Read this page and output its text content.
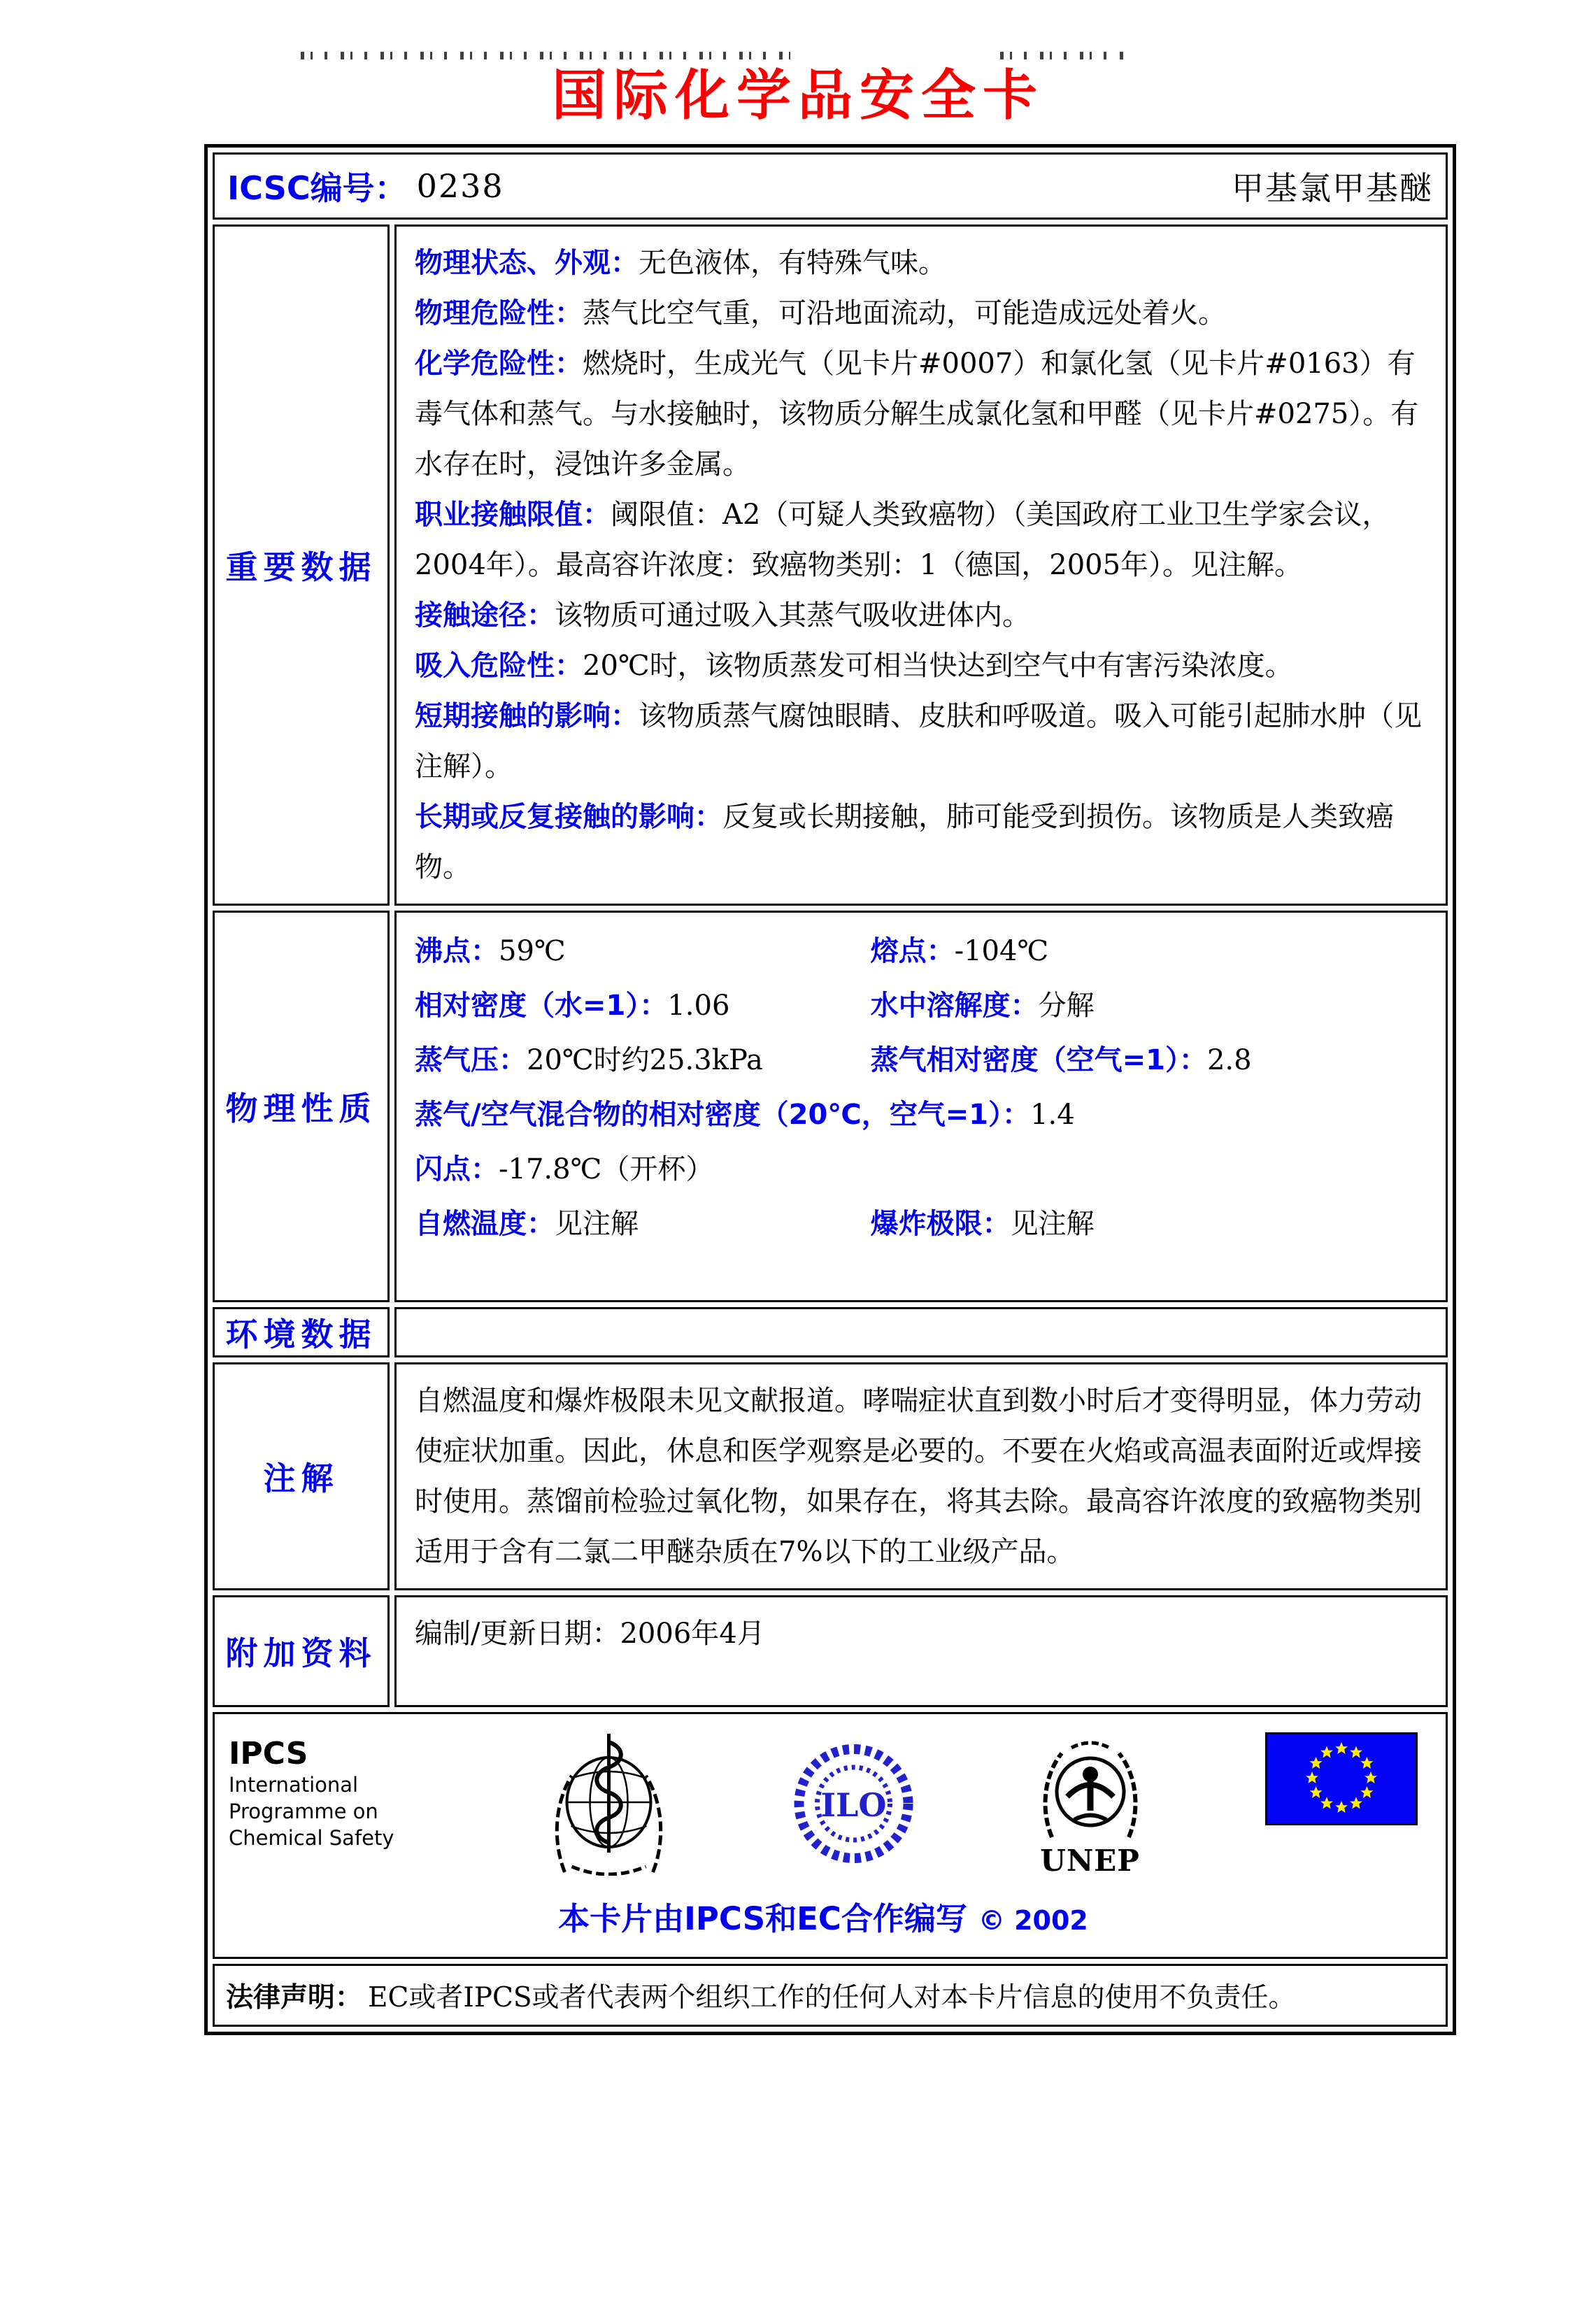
国际化学品安全卡
ICSC编号： 0238	甲基氯甲基醚
重要数据

物理状态、外观：无色液体，有特殊气味。

物理危险性：蒸气比空气重，可沿地面流动，可能造成远处着火。

化学危险性：燃烧时，生成光气（见卡片#0007）和氯化氢（见卡片#0163）有毒气体和蒸气。与水接触时，该物质分解生成氯化氢和甲醛（见卡片#0275）。有水存在时，浸蚀许多金属。

职业接触限值：阈限值：A2（可疑人类致癌物）（美国政府工业卫生学家会议，2004年）。最高容许浓度：致癌物类别：1（德国，2005年）。见注解。

接触途径：该物质可通过吸入其蒸气吸收进体内。

吸入危险性：20℃时，该物质蒸发可相当快达到空气中有害污染浓度。

短期接触的影响：该物质蒸气腐蚀眼睛、皮肤和呼吸道。吸入可能引起肺水肿（见注解）。

长期或反复接触的影响：反复或长期接触，肺可能受到损伤。该物质是人类致癌物。

物理性质
沸点：59℃	熔点：-104℃
相对密度（水=1）：1.06	水中溶解度：分解
蒸气压：20℃时约25.3kPa	蒸气相对密度（空气=1）：2.8
蒸气/空气混合物的相对密度（20℃，空气=1）：1.4
闪点：-17.8℃（开杯）
自燃温度：见注解	爆炸极限：见注解
环境数据
注解

自燃温度和爆炸极限未见文献报道。哮喘症状直到数小时后才变得明显，体力劳动使症状加重。因此，休息和医学观察是必要的。不要在火焰或高温表面附近或焊接时使用。蒸馏前检验过氧化物，如果存在，将其去除。最高容许浓度的致癌物类别适用于含有二氯二甲醚杂质在7%以下的工业级产品。

附加资料

编制/更新日期：2006年4月

IPCS
International
Programme on
Chemical Safety
ILO
UNEP
本卡片由IPCS和EC合作编写 © 2002
法律声明： EC或者IPCS或者代表两个组织工作的任何人对本卡片信息的使用不负责任。
